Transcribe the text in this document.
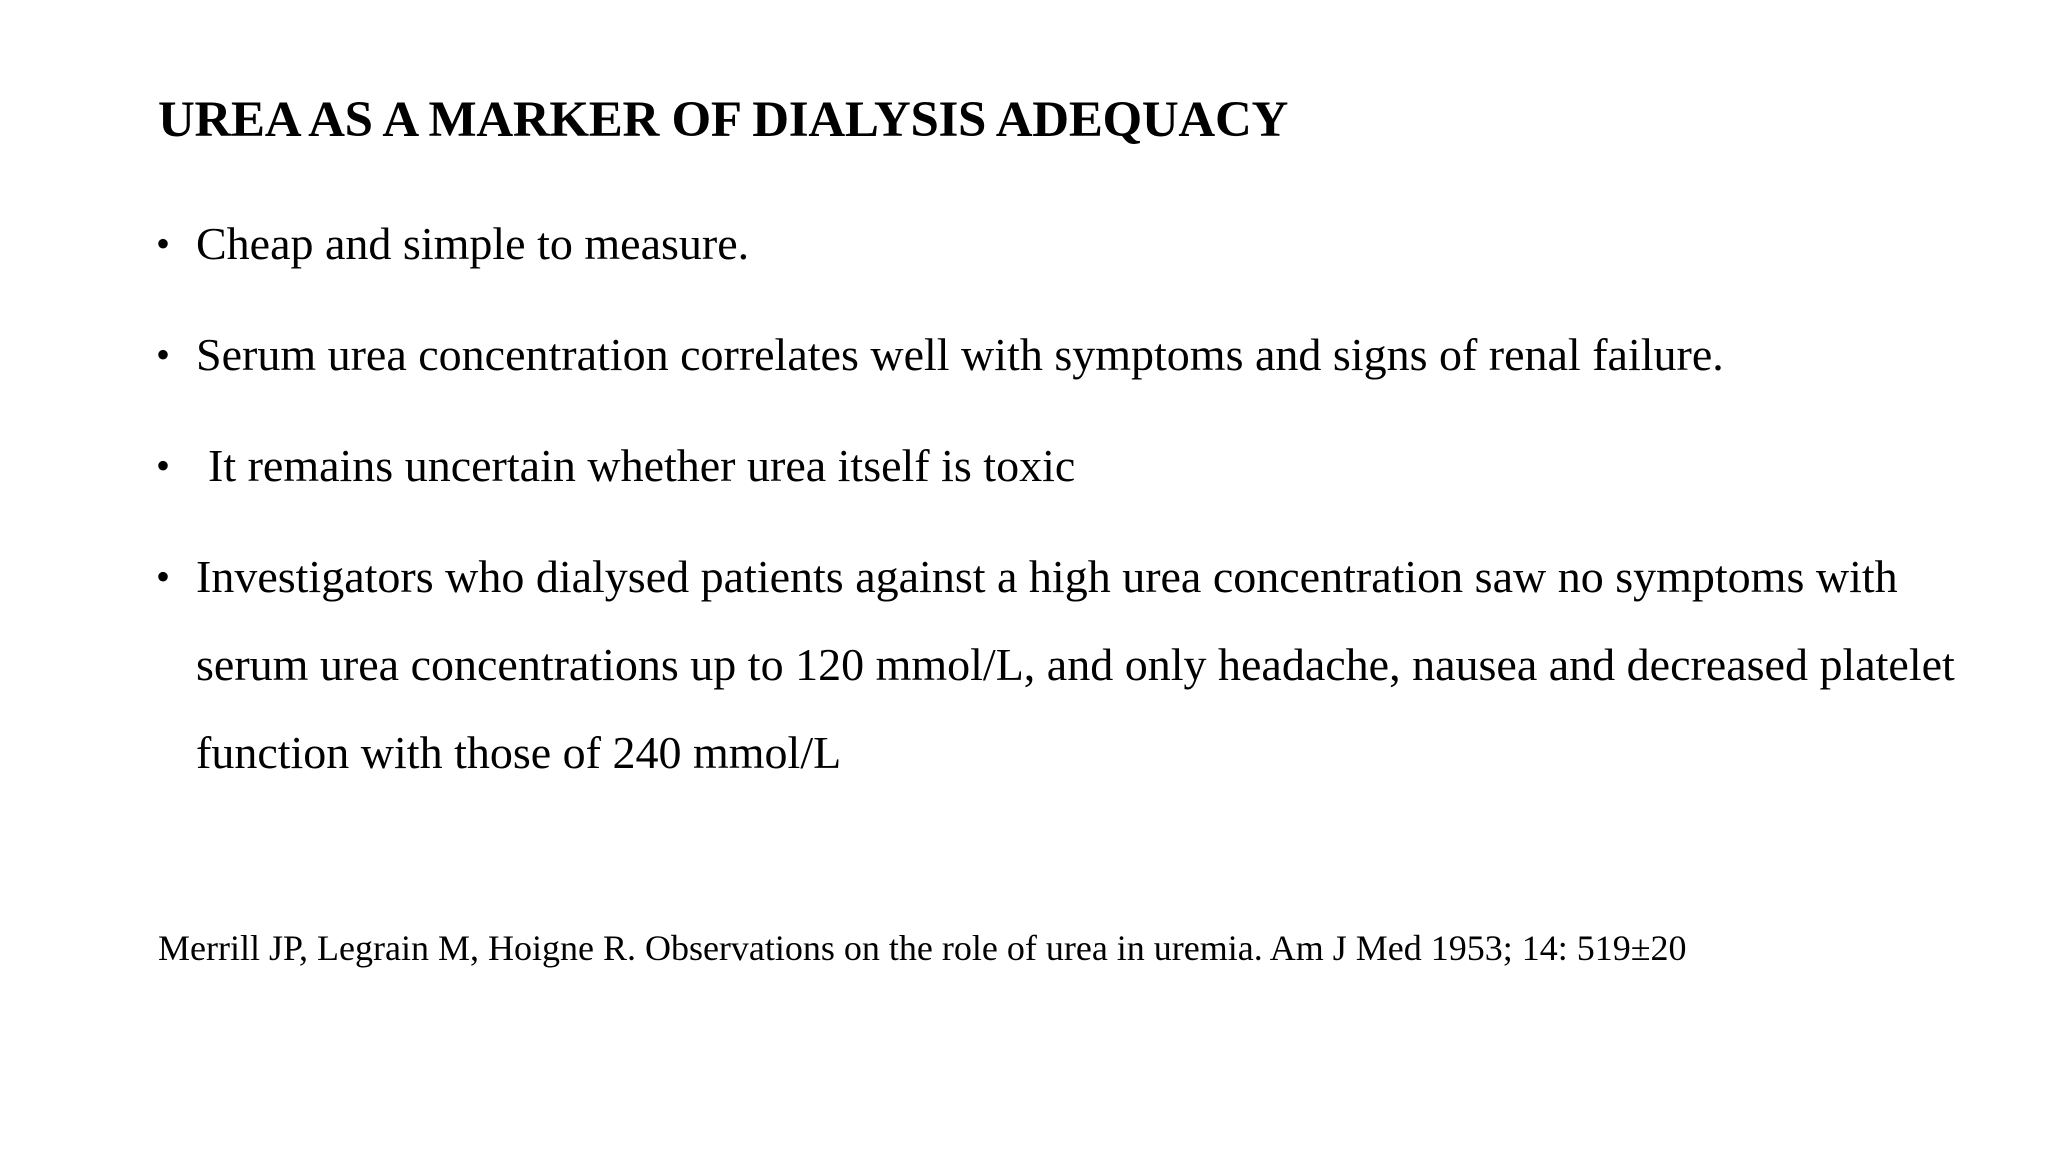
UREA AS A MARKER OF DIALYSIS ADEQUACY
• Cheap and simple to measure.
• Serum urea concentration correlates well with symptoms and signs of renal failure.
• It remains uncertain whether urea itself is toxic
• Investigators who dialysed patients against a high urea concentration saw no symptoms with serum urea concentrations up to 120 mmol/L, and only headache, nausea and decreased platelet function with those of 240 mmol/L

Merrill JP, Legrain M, Hoigne R. Observations on the role of urea in uremia. Am J Med 1953; 14: 519±20
